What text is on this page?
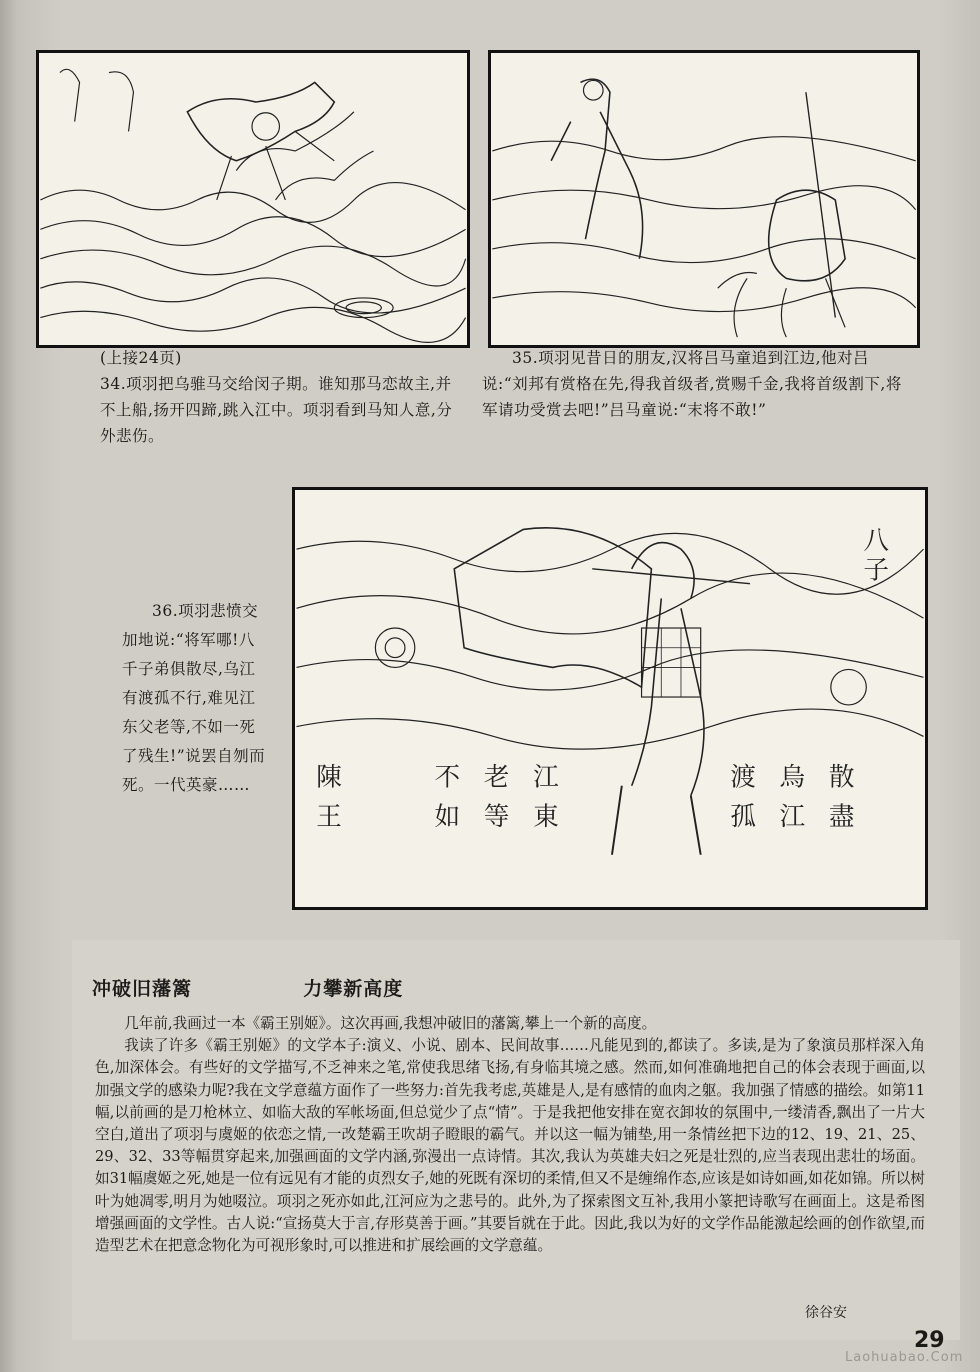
(上接24页)

34.项羽把乌骓马交给闵子期。谁知那马恋故主,并不上船,扬开四蹄,跳入江中。项羽看到马知人意,分外悲伤。

35.项羽见昔日的朋友,汉将吕马童追到江边,他对吕说:“刘邦有赏格在先,得我首级者,赏赐千金,我将首级割下,将军请功受赏去吧!”吕马童说:“末将不敢!”

八
子
陳
王
不
如
老
等
江
東
渡
孤
烏
江
散
盡

36.项羽悲愤交加地说:“将军哪!八千子弟俱散尽,乌江有渡孤不行,难见江东父老等,不如一死了残生!”说罢自刎而死。一代英豪……

冲破旧藩篱	力攀新高度

几年前,我画过一本《霸王别姬》。这次再画,我想冲破旧的藩篱,攀上一个新的高度。

我读了许多《霸王别姬》的文学本子:演义、小说、剧本、民间故事……凡能见到的,都读了。多读,是为了象演员那样深入角色,加深体会。有些好的文学描写,不乏神来之笔,常使我思绪飞扬,有身临其境之感。然而,如何准确地把自己的体会表现于画面,以加强文学的感染力呢?我在文学意蕴方面作了一些努力:首先我考虑,英雄是人,是有感情的血肉之躯。我加强了情感的描绘。如第11幅,以前画的是刀枪林立、如临大敌的军帐场面,但总觉少了点“情”。于是我把他安排在宽衣卸妆的氛围中,一缕清香,飘出了一片大空白,道出了项羽与虞姬的依恋之情,一改楚霸王吹胡子瞪眼的霸气。并以这一幅为铺垫,用一条情丝把下边的12、19、21、25、29、32、33等幅贯穿起来,加强画面的文学内涵,弥漫出一点诗情。其次,我认为英雄夫妇之死是壮烈的,应当表现出悲壮的场面。如31幅虞姬之死,她是一位有远见有才能的贞烈女子,她的死既有深切的柔情,但又不是缠绵作态,应该是如诗如画,如花如锦。所以树叶为她凋零,明月为她啜泣。项羽之死亦如此,江河应为之悲号的。此外,为了探索图文互补,我用小篆把诗歌写在画面上。这是希图增强画面的文学性。古人说:“宣扬莫大于言,存形莫善于画。”其要旨就在于此。因此,我以为好的文学作品能激起绘画的创作欲望,而造型艺术在把意念物化为可视形象时,可以推进和扩展绘画的文学意蕴。

徐谷安
29
Laohuabao.Com
